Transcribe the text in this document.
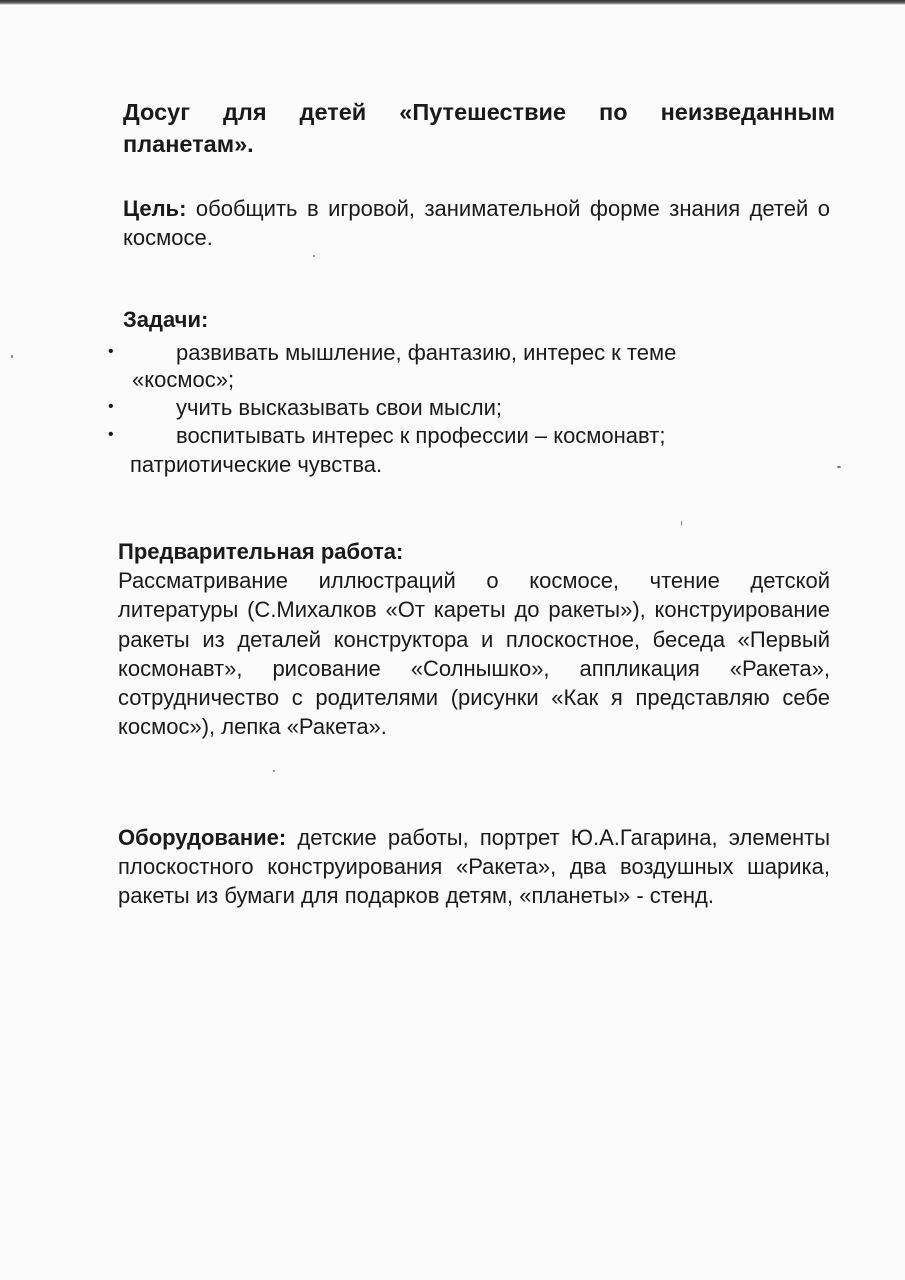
Досуг для детей «Путешествие по неизведанным планетам».
Цель: обобщить в игровой, занимательной форме знания детей о космосе.
Задачи:
•	развивать мышление, фантазию, интерес к теме
«космос»;
•	учить высказывать свои мысли;
•	воспитывать интерес к профессии – космонавт;
патриотические чувства.
Предварительная работа:
Рассматривание иллюстраций о космосе, чтение детской литературы (С.Михалков «От кареты до ракеты»), конструирование ракеты из деталей конструктора и плоскостное, беседа «Первый космонавт», рисование «Солнышко», аппликация «Ракета», сотрудничество с родителями (рисунки «Как я представляю себе космос»), лепка «Ракета».
Оборудование: детские работы, портрет Ю.А.Гагарина, элементы плоскостного конструирования «Ракета», два воздушных шарика, ракеты из бумаги для подарков детям, «планеты» - стенд.
